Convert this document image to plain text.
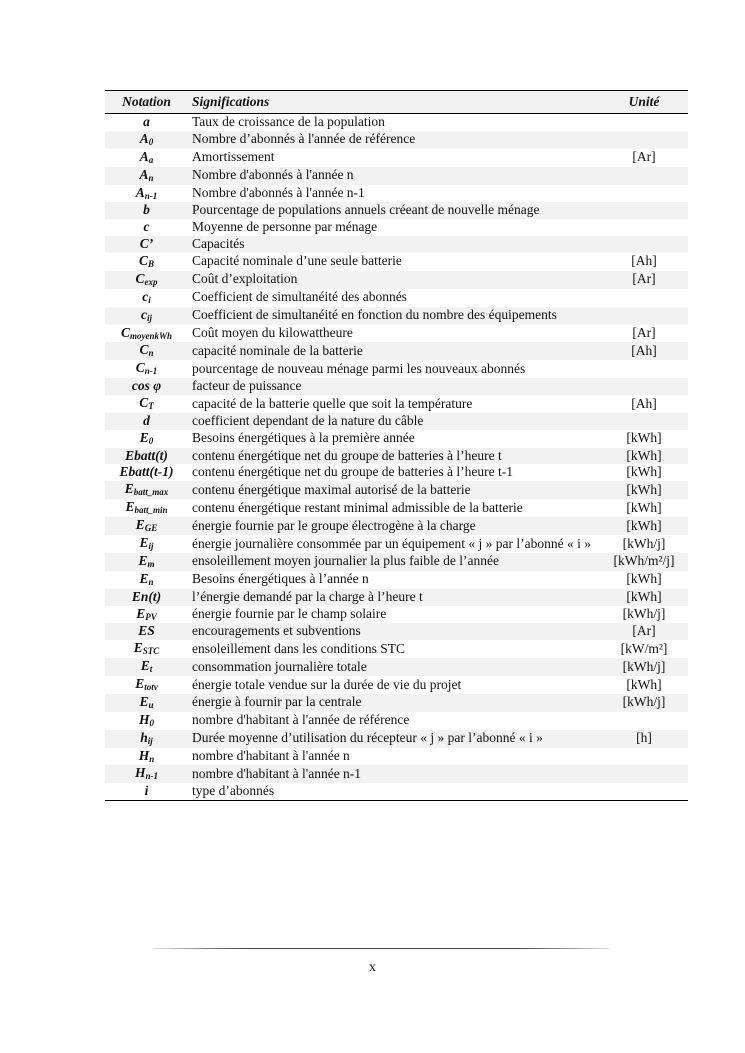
Notation	Significations	Unité
a	Taux de croissance de la population	
$A_0$	Nombre d’abonnés à l'année de référence	
$A_a$	Amortissement	[Ar]
$A_n$	Nombre d'abonnés à l'année n	
$A_{n-1}$	Nombre d'abonnés à l'année n-1	
b	Pourcentage de populations annuels créeant de nouvelle ménage	
c	Moyenne de personne par ménage	
C’	Capacités	
$C_B$	Capacité nominale d’une seule batterie	[Ah]
$C_{exp}$	Coût d’exploitation	[Ar]
$c_i$	Coefficient de simultanéité des abonnés	
$c_{ij}$	Coefficient de simultanéité en fonction du nombre des équipements	
$C_{moyenkWh}$	Coût moyen du kilowattheure	[Ar]
$C_n$	capacité nominale de la batterie	[Ah]
$C_{n-1}$	pourcentage de nouveau ménage parmi les nouveaux abonnés	
cos φ	facteur de puissance	
$C_T$	capacité de la batterie quelle que soit la température	[Ah]
d	coefficient dependant de la nature du câble	
$E_0$	Besoins énergétiques à la première année	[kWh]
Ebatt(t)	contenu énergétique net du groupe de batteries à l’heure t	[kWh]
Ebatt(t-1)	contenu énergétique net du groupe de batteries à l’heure t-1	[kWh]
$E_{batt\_max}$	contenu énergétique maximal autorisé de la batterie	[kWh]
$E_{batt\_min}$	contenu énergétique restant minimal admissible de la batterie	[kWh]
$E_{GE}$	énergie fournie par le groupe électrogène à la charge	[kWh]
$E_{ij}$	énergie journalière consommée par un équipement « j » par l’abonné « i »	[kWh/j]
$E_m$	ensoleillement moyen journalier la plus faible de l’année	[kWh/m²/j]
$E_n$	Besoins énergétiques à l’année n	[kWh]
En(t)	l’énergie demandé par la charge à l’heure t	[kWh]
$E_{PV}$	énergie fournie par le champ solaire	[kWh/j]
ES	encouragements et subventions	[Ar]
$E_{STC}$	ensoleillement dans les conditions STC	[kW/m²]
$E_t$	consommation journalière totale	[kWh/j]
$E_{totv}$	énergie totale vendue sur la durée de vie du projet	[kWh]
$E_u$	énergie à fournir par la centrale	[kWh/j]
$H_0$	nombre d'habitant à l'année de référence	
$h_{ij}$	Durée moyenne d’utilisation du récepteur « j » par l’abonné « i »	[h]
$H_n$	nombre d'habitant à l'année n	
$H_{n-1}$	nombre d'habitant à l'année n-1	
i	type d’abonnés	
x
